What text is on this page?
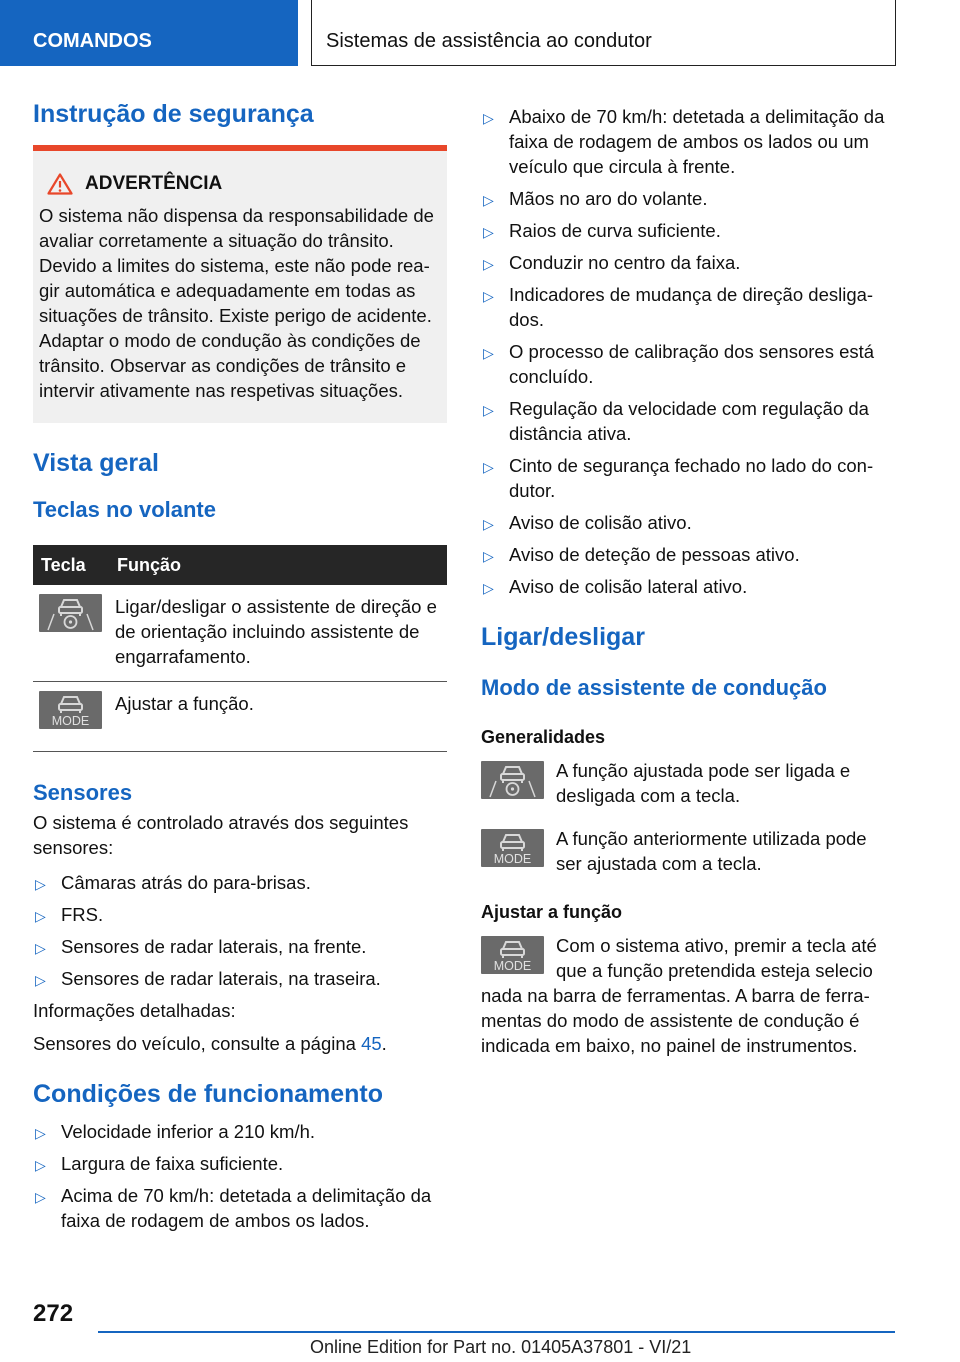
COMANDOS	Sistemas de assistência ao condutor
Instrução de segurança
ADVERTÊNCIA

O sistema não dispensa da responsabilidade de avaliar corretamente a situação do trânsito. Devido a limites do sistema, este não pode reagir automática e adequadamente em todas as situações de trânsito. Existe perigo de acidente. Adaptar o modo de condução às condições de trânsito. Observar as condições de trânsito e intervir ativamente nas respetivas situações.

Vista geral
Teclas no volante
Tecla	Função

	Ligar/desligar o assistente de direção e de orientação incluindo assistente de engarrafamento.

MODE	Ajustar a função.
Sensores

O sistema é controlado através dos seguintes sensores:

▷ Câmaras atrás do para-brisas.
▷ FRS.
▷ Sensores de radar laterais, na frente.
▷ Sensores de radar laterais, na traseira.

Informações detalhadas:

Sensores do veículo, consulte a página 45.

Condições de funcionamento
▷ Velocidade inferior a 210 km/h.
▷ Largura de faixa suficiente.
▷ Acima de 70 km/h: detetada a delimitação da faixa de rodagem de ambos os lados.
▷ Abaixo de 70 km/h: detetada a delimitação da faixa de rodagem de ambos os lados ou um veículo que circula à frente.
▷ Mãos no aro do volante.
▷ Raios de curva suficiente.
▷ Conduzir no centro da faixa.
▷ Indicadores de mudança de direção desligados.
▷ O processo de calibração dos sensores está concluído.
▷ Regulação da velocidade com regulação da distância ativa.
▷ Cinto de segurança fechado no lado do condutor.
▷ Aviso de colisão ativo.
▷ Aviso de deteção de pessoas ativo.
▷ Aviso de colisão lateral ativo.
Ligar/desligar
Modo de assistente de condução
Generalidades

A função ajustada pode ser ligada e desligada com a tecla.

MODE

A função anteriormente utilizada pode ser ajustada com a tecla.

Ajustar a função
MODE

Com o sistema ativo, premir a tecla até que a função pretendida esteja selecio

nada na barra de ferramentas. A barra de ferramentas do modo de assistente de condução é indicada em baixo, no painel de instrumentos.

272
Online Edition for Part no. 01405A37801 - VI/21
